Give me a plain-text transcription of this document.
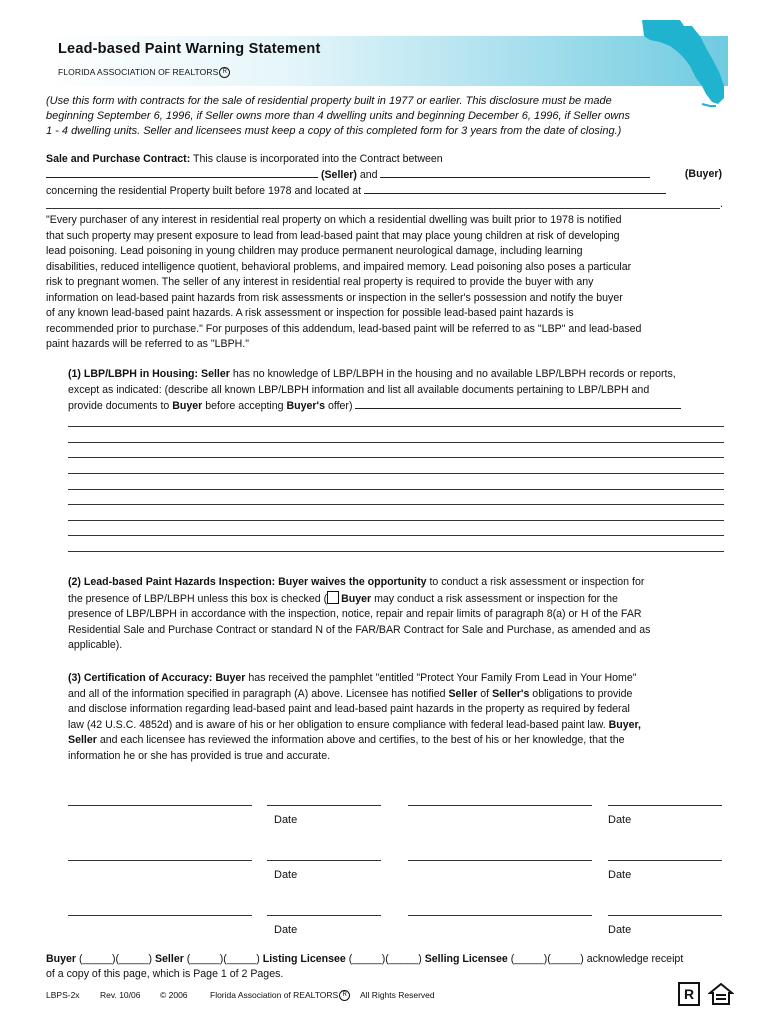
Lead-based Paint Warning Statement
FLORIDA ASSOCIATION OF REALTORS R
(Use this form with contracts for the sale of residential property built in 1977 or earlier. This disclosure must be made
beginning September 6, 1996, if Seller owns more than 4 dwelling units and beginning December 6, 1996, if Seller owns
1 - 4 dwelling units. Seller and licensees must keep a copy of this completed form for 3 years from the date of closing.)
Sale and Purchase Contract: This clause is incorporated into the Contract between
(Seller) and	(Buyer)
concerning the residential Property built before 1978 and located at
.
"Every purchaser of any interest in residential real property on which a residential dwelling was built prior to 1978 is notified
that such property may present exposure to lead from lead-based paint that may place young children at risk of developing
lead poisoning. Lead poisoning in young children may produce permanent neurological damage, including learning
disabilities, reduced intelligence quotient, behavioral problems, and impaired memory. Lead poisoning also poses a particular
risk to pregnant women. The seller of any interest in residential real property is required to provide the buyer with any
information on lead-based paint hazards from risk assessments or inspection in the seller's possession and notify the buyer
of any known lead-based paint hazards. A risk assessment or inspection for possible lead-based paint hazards is
recommended prior to purchase." For purposes of this addendum, lead-based paint will be referred to as "LBP" and lead-based
paint hazards will be referred to as "LBPH."
(1) LBP/LBPH in Housing: Seller has no knowledge of LBP/LBPH in the housing and no available LBP/LBPH records or reports,
except as indicated: (describe all known LBP/LBPH information and list all available documents pertaining to LBP/LBPH and
provide documents to Buyer before accepting Buyer's offer)
(2) Lead-based Paint Hazards Inspection: Buyer waives the opportunity to conduct a risk assessment or inspection for
the presence of LBP/LBPH unless this box is checked ( Buyer may conduct a risk assessment or inspection for the
presence of LBP/LBPH in accordance with the inspection, notice, repair and repair limits of paragraph 8(a) or H of the FAR
Residential Sale and Purchase Contract or standard N of the FAR/BAR Contract for Sale and Purchase, as amended and as
applicable).
(3) Certification of Accuracy: Buyer has received the pamphlet "entitled "Protect Your Family From Lead in Your Home"
and all of the information specified in paragraph (A) above. Licensee has notified Seller of Seller's obligations to provide
and disclose information regarding lead-based paint and lead-based paint hazards in the property as required by federal
law (42 U.S.C. 4852d) and is aware of his or her obligation to ensure compliance with federal lead-based paint law. Buyer,
Seller and each licensee has reviewed the information above and certifies, to the best of his or her knowledge, that the
information he or she has provided is true and accurate.
Date	Date
Date	Date
Date	Date
Buyer (_____)(_____) Seller (_____)(_____) Listing Licensee (_____)(_____) Selling Licensee (_____)(_____) acknowledge receipt
of a copy of this page, which is Page 1 of 2 Pages.
LBPS-2x Rev. 10/06 © 2006	Florida Association of REALTORS R	All Rights Reserved	R
